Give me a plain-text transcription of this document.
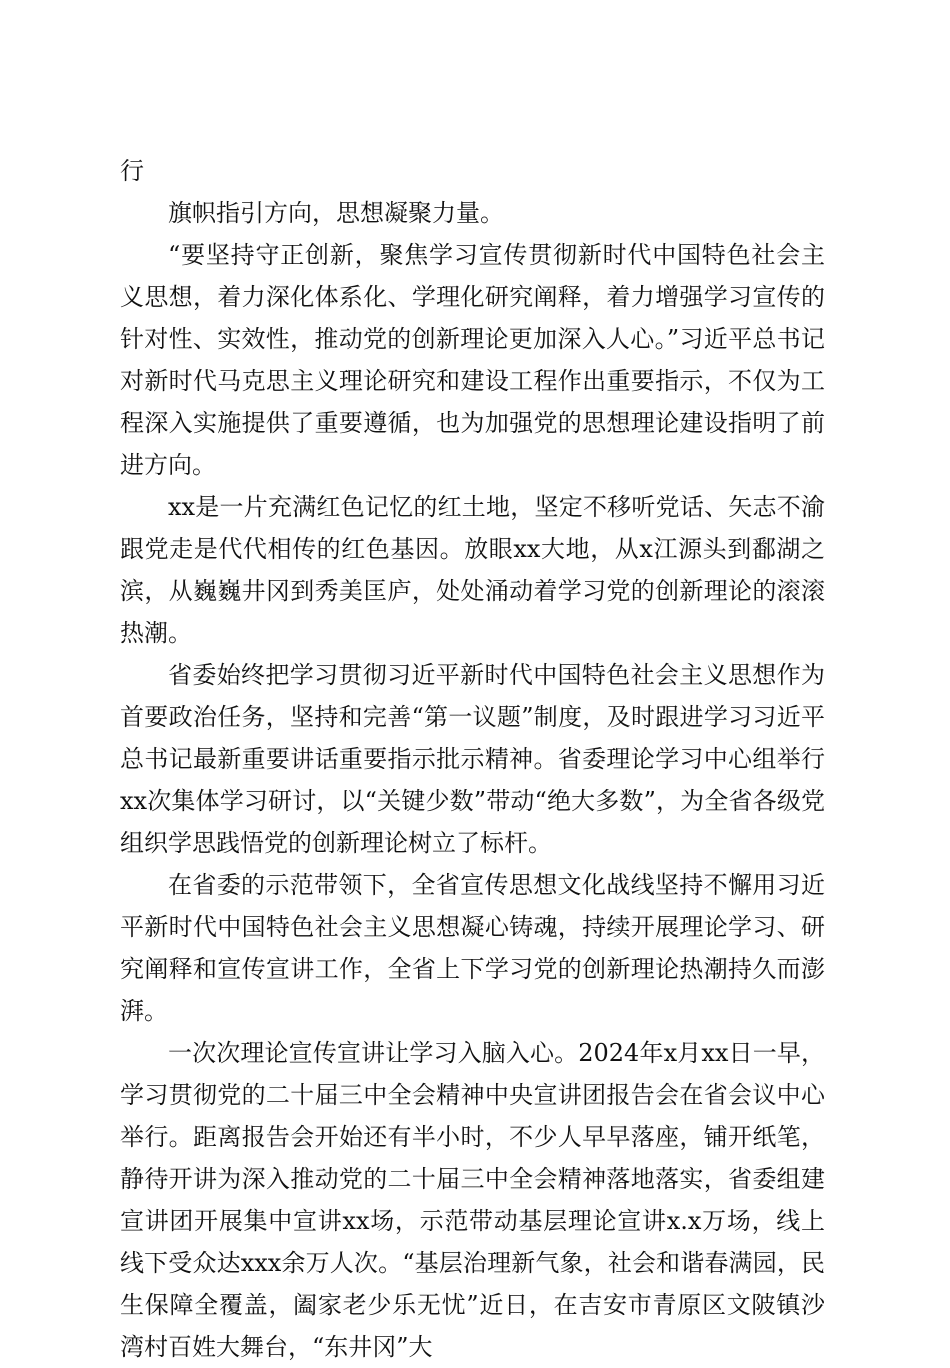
行

旗帜指引方向，思想凝聚力量。

“要坚持守正创新，聚焦学习宣传贯彻新时代中国特色社会主义思想，着力深化体系化、学理化研究阐释，着力增强学习宣传的针对性、实效性，推动党的创新理论更加深入人心。”习近平总书记对新时代马克思主义理论研究和建设工程作出重要指示，不仅为工程深入实施提供了重要遵循，也为加强党的思想理论建设指明了前进方向。

xx是一片充满红色记忆的红土地，坚定不移听党话、矢志不渝跟党走是代代相传的红色基因。放眼xx大地，从x江源头到鄱湖之滨，从巍巍井冈到秀美匡庐，处处涌动着学习党的创新理论的滚滚热潮。

省委始终把学习贯彻习近平新时代中国特色社会主义思想作为首要政治任务，坚持和完善“第一议题”制度，及时跟进学习习近平总书记最新重要讲话重要指示批示精神。省委理论学习中心组举行xx次集体学习研讨，以“关键少数”带动“绝大多数”，为全省各级党组织学思践悟党的创新理论树立了标杆。

在省委的示范带领下，全省宣传思想文化战线坚持不懈用习近平新时代中国特色社会主义思想凝心铸魂，持续开展理论学习、研究阐释和宣传宣讲工作，全省上下学习党的创新理论热潮持久而澎湃。

一次次理论宣传宣讲让学习入脑入心。2024年x月xx日一早，学习贯彻党的二十届三中全会精神中央宣讲团报告会在省会议中心举行。距离报告会开始还有半小时，不少人早早落座，铺开纸笔，静待开讲为深入推动党的二十届三中全会精神落地落实，省委组建宣讲团开展集中宣讲xx场，示范带动基层理论宣讲x.x万场，线上线下受众达xxx余万人次。“基层治理新气象，社会和谐春满园，民生保障全覆盖，阖家老少乐无忧”近日，在吉安市青原区文陂镇沙湾村百姓大舞台，“东井冈”大
